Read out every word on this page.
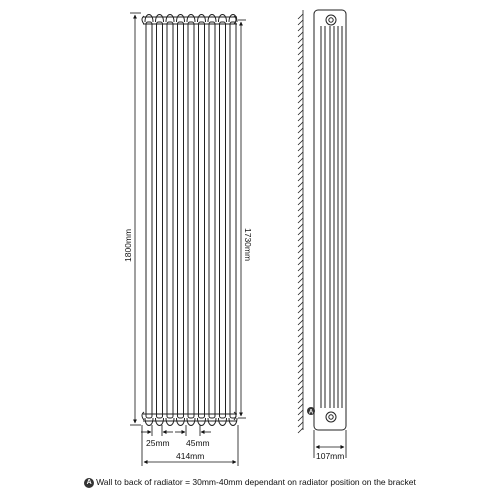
1800mm	1730mm
25mm 45mm
414mm
A
107mm
A Wall to back of radiator = 30mm-40mm dependant on radiator position on the bracket
